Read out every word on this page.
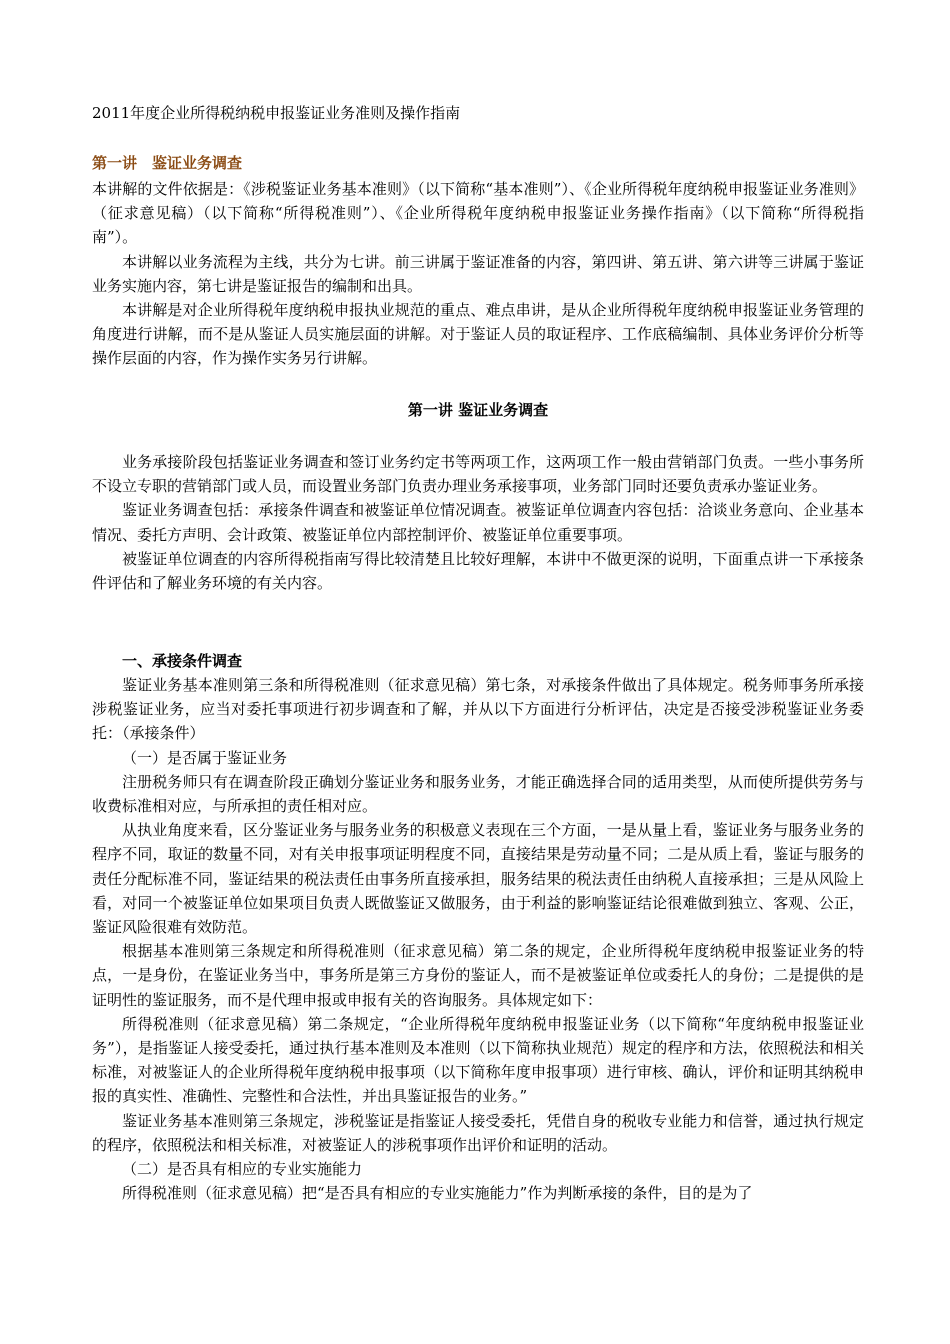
2011年度企业所得税纳税申报鉴证业务准则及操作指南
第一讲　鉴证业务调查

本讲解的文件依据是：《涉税鉴证业务基本准则》（以下简称“基本准则”）、《企业所得税年度纳税申报鉴证业务准则》（征求意见稿）（以下简称“所得税准则”）、《企业所得税年度纳税申报鉴证业务操作指南》（以下简称“所得税指南”）。

本讲解以业务流程为主线，共分为七讲。前三讲属于鉴证准备的内容，第四讲、第五讲、第六讲等三讲属于鉴证业务实施内容，第七讲是鉴证报告的编制和出具。

本讲解是对企业所得税年度纳税申报执业规范的重点、难点串讲，是从企业所得税年度纳税申报鉴证业务管理的角度进行讲解，而不是从鉴证人员实施层面的讲解。对于鉴证人员的取证程序、工作底稿编制、具体业务评价分析等操作层面的内容，作为操作实务另行讲解。

第一讲 鉴证业务调查

业务承接阶段包括鉴证业务调查和签订业务约定书等两项工作，这两项工作一般由营销部门负责。一些小事务所不设立专职的营销部门或人员，而设置业务部门负责办理业务承接事项，业务部门同时还要负责承办鉴证业务。

鉴证业务调查包括：承接条件调查和被鉴证单位情况调查。被鉴证单位调查内容包括：洽谈业务意向、企业基本情况、委托方声明、会计政策、被鉴证单位内部控制评价、被鉴证单位重要事项。

被鉴证单位调查的内容所得税指南写得比较清楚且比较好理解，本讲中不做更深的说明，下面重点讲一下承接条件评估和了解业务环境的有关内容。

一、承接条件调查

鉴证业务基本准则第三条和所得税准则（征求意见稿）第七条，对承接条件做出了具体规定。税务师事务所承接涉税鉴证业务，应当对委托事项进行初步调查和了解，并从以下方面进行分析评估，决定是否接受涉税鉴证业务委托：（承接条件）

（一）是否属于鉴证业务

注册税务师只有在调查阶段正确划分鉴证业务和服务业务，才能正确选择合同的适用类型，从而使所提供劳务与收费标准相对应，与所承担的责任相对应。

从执业角度来看，区分鉴证业务与服务业务的积极意义表现在三个方面，一是从量上看，鉴证业务与服务业务的程序不同，取证的数量不同，对有关申报事项证明程度不同，直接结果是劳动量不同；二是从质上看，鉴证与服务的责任分配标准不同，鉴证结果的税法责任由事务所直接承担，服务结果的税法责任由纳税人直接承担；三是从风险上看，对同一个被鉴证单位如果项目负责人既做鉴证又做服务，由于利益的影响鉴证结论很难做到独立、客观、公正，鉴证风险很难有效防范。

根据基本准则第三条规定和所得税准则（征求意见稿）第二条的规定，企业所得税年度纳税申报鉴证业务的特点，一是身份，在鉴证业务当中，事务所是第三方身份的鉴证人，而不是被鉴证单位或委托人的身份；二是提供的是证明性的鉴证服务，而不是代理申报或申报有关的咨询服务。具体规定如下：

所得税准则（征求意见稿）第二条规定，“企业所得税年度纳税申报鉴证业务（以下简称“年度纳税申报鉴证业务”），是指鉴证人接受委托，通过执行基本准则及本准则（以下简称执业规范）规定的程序和方法，依照税法和相关标准，对被鉴证人的企业所得税年度纳税申报事项（以下简称年度申报事项）进行审核、确认，评价和证明其纳税申报的真实性、准确性、完整性和合法性，并出具鉴证报告的业务。”

鉴证业务基本准则第三条规定，涉税鉴证是指鉴证人接受委托，凭借自身的税收专业能力和信誉，通过执行规定的程序，依照税法和相关标准，对被鉴证人的涉税事项作出评价和证明的活动。

（二）是否具有相应的专业实施能力

所得税准则（征求意见稿）把“是否具有相应的专业实施能力”作为判断承接的条件，目的是为了
